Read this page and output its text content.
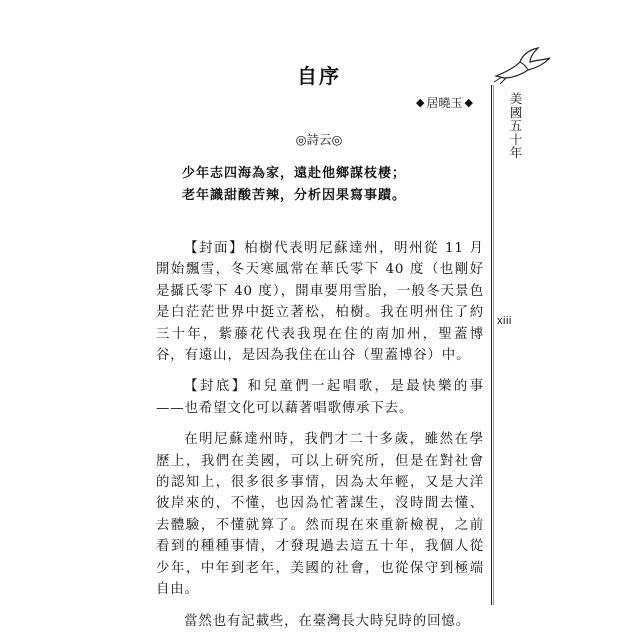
美
國
五
十
年
xiii
自序
◆ 居曉玉 ◆
◎詩云◎

少年志四海為家，遠赴他鄉謀枝棲；

老年識甜酸苦辣，分析因果寫事蹟。

【封面】柏樹代表明尼蘇達州，明州從 11 月開始飄雪，冬天寒風常在華氏零下 40 度（也剛好是攝氏零下 40 度），開車要用雪胎，一般冬天景色是白茫茫世界中挺立著松，柏樹。我在明州住了約三十年，紫藤花代表我現在住的南加州，聖蓋博谷，有遠山，是因為我住在山谷（聖蓋博谷）中。

【封底】和兒童們一起唱歌，是最快樂的事——也希望文化可以藉著唱歌傳承下去。

在明尼蘇達州時，我們才二十多歲，雖然在學歷上，我們在美國，可以上研究所，但是在對社會的認知上，很多很多事情，因為太年輕，又是大洋彼岸來的，不懂，也因為忙著謀生，沒時間去懂、去體驗，不懂就算了。然而現在來重新檢視，之前看到的種種事情，才發現過去這五十年，我個人從少年，中年到老年，美國的社會，也從保守到極端自由。

當然也有記載些，在臺灣長大時兒時的回憶。
